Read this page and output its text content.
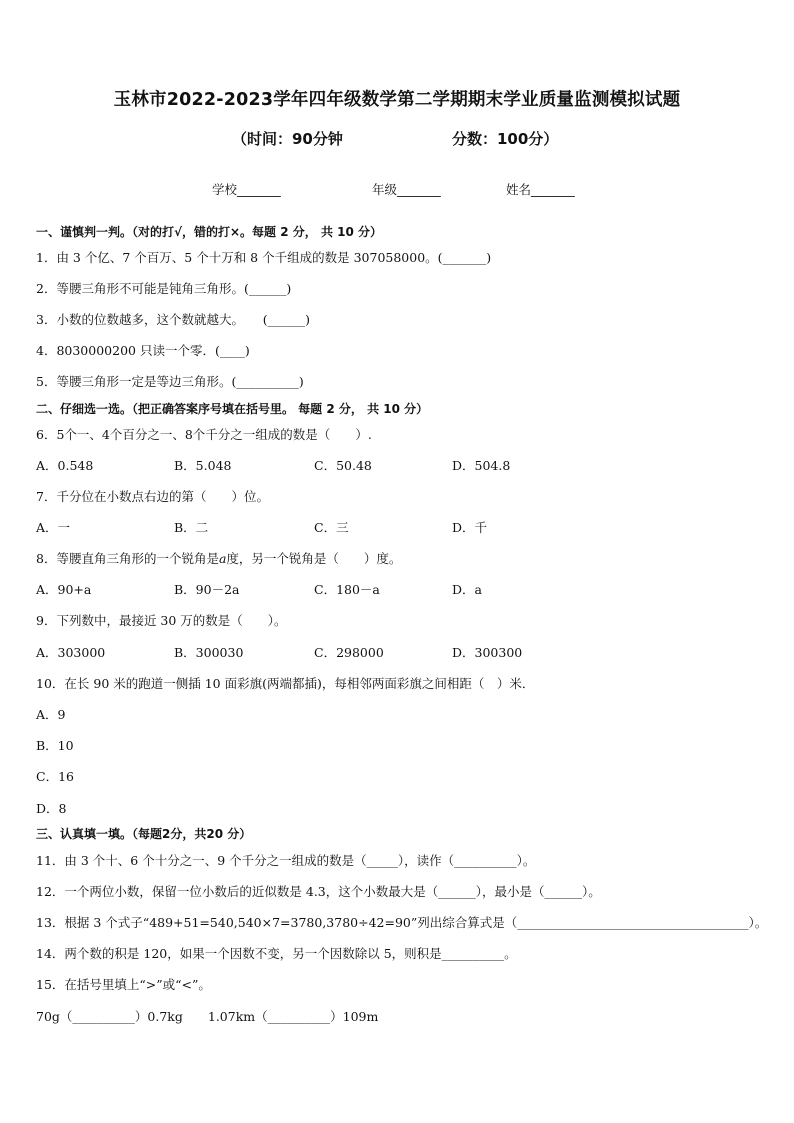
玉林市2022-2023学年四年级数学第二学期期末学业质量监测模拟试题
（时间：90分钟	分数：100分）
学校_______	年级_______	姓名_______
一、谨慎判一判。（对的打√，错的打×。每题 2 分， 共 10 分）
1．由 3 个亿、7 个百万、5 个十万和 8 个千组成的数是 307058000。(_______)
2．等腰三角形不可能是钝角三角形。(______)
3．小数的位数越多，这个数就越大。　　(______)
4．8030000200 只读一个零．(____)
5．等腰三角形一定是等边三角形。(__________)
二、仔细选一选。（把正确答案序号填在括号里。 每题 2 分， 共 10 分）
6．5个一、4个百分之一、8个千分之一组成的数是（　　）.
A．0.548	B．5.048	C．50.48	D．504.8
7．千分位在小数点右边的第（　　）位。
A．一	B．二	C．三	D．千
8．等腰直角三角形的一个锐角是a度，另一个锐角是（　　）度。
A．90+a	B．90－2a	C．180－a	D．a
9．下列数中，最接近 30 万的数是（　　）。
A．303000	B．300030	C．298000	D．300300
10．在长 90 米的跑道一侧插 10 面彩旗(两端都插)，每相邻两面彩旗之间相距（　）米．
A．9
B．10
C．16
D．8
三、认真填一填。（每题2分，共20 分）
11．由 3 个十、6 个十分之一、9 个千分之一组成的数是（_____），读作（__________）。
12．一个两位小数，保留一位小数后的近似数是 4.3，这个小数最大是（______），最小是（______）。
13．根据 3 个式子“489+51=540,540×7=3780,3780÷42=90”列出综合算式是（_____________________________________）。
14．两个数的积是 120，如果一个因数不变，另一个因数除以 5，则积是__________。
15．在括号里填上“>”或“<”。
70g（__________）0.7kg　　1.07km（__________）109m
